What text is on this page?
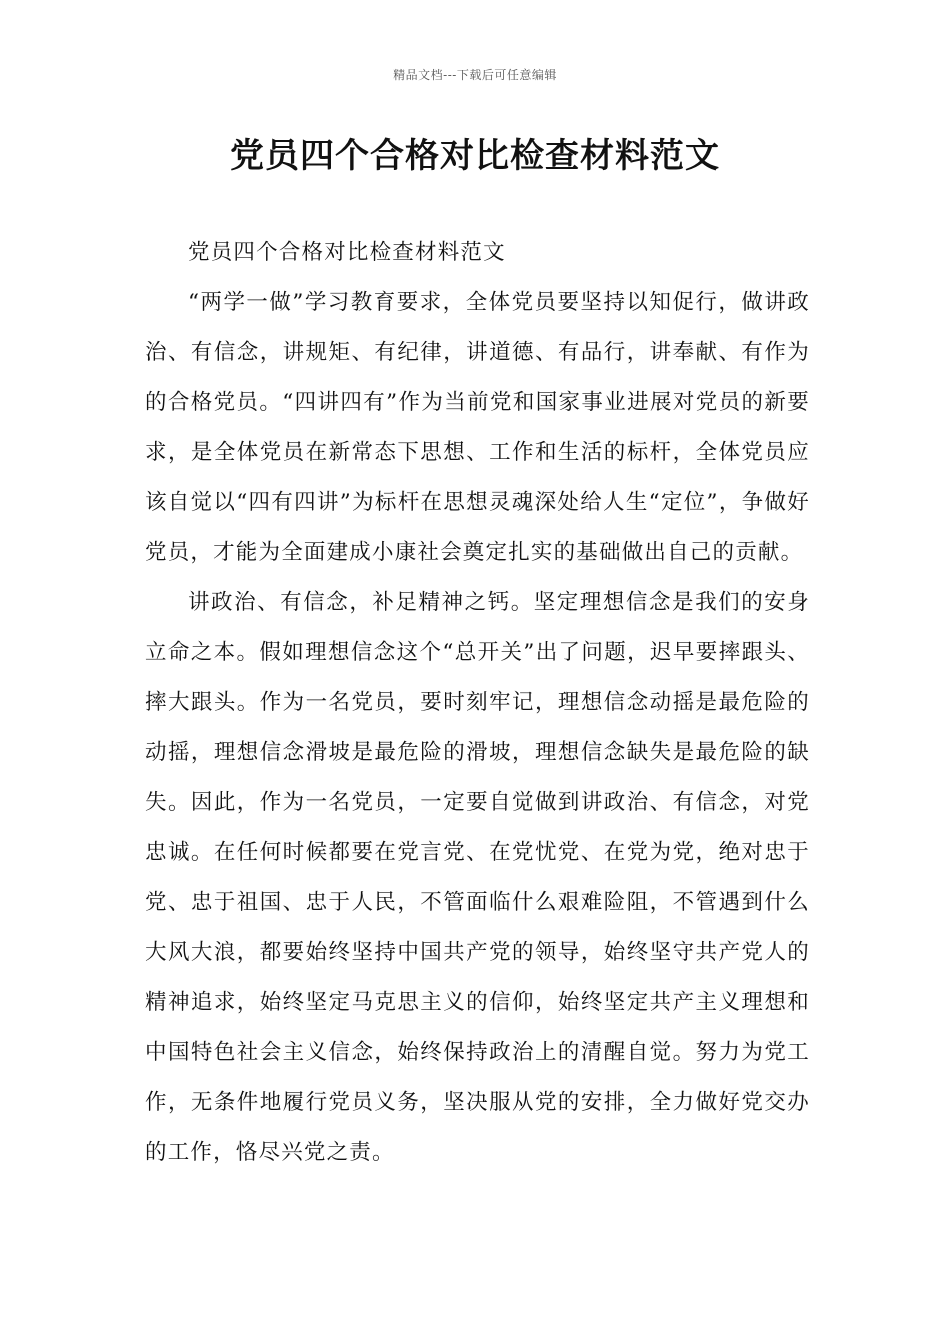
精品文档---下载后可任意编辑
党员四个合格对比检查材料范文

党员四个合格对比检查材料范文

“两学一做”学习教育要求，全体党员要坚持以知促行，做讲政治、有信念，讲规矩、有纪律，讲道德、有品行，讲奉献、有作为的合格党员。“四讲四有”作为当前党和国家事业进展对党员的新要求，是全体党员在新常态下思想、工作和生活的标杆，全体党员应该自觉以“四有四讲”为标杆在思想灵魂深处给人生“定位”，争做好党员，才能为全面建成小康社会奠定扎实的基础做出自己的贡献。

讲政治、有信念，补足精神之钙。坚定理想信念是我们的安身立命之本。假如理想信念这个“总开关”出了问题，迟早要摔跟头、摔大跟头。作为一名党员，要时刻牢记，理想信念动摇是最危险的动摇，理想信念滑坡是最危险的滑坡，理想信念缺失是最危险的缺失。因此，作为一名党员，一定要自觉做到讲政治、有信念，对党忠诚。在任何时候都要在党言党、在党忧党、在党为党，绝对忠于党、忠于祖国、忠于人民，不管面临什么艰难险阻，不管遇到什么大风大浪，都要始终坚持中国共产党的领导，始终坚守共产党人的精神追求，始终坚定马克思主义的信仰，始终坚定共产主义理想和中国特色社会主义信念，始终保持政治上的清醒自觉。努力为党工作，无条件地履行党员义务，坚决服从党的安排，全力做好党交办的工作，恪尽兴党之责。
